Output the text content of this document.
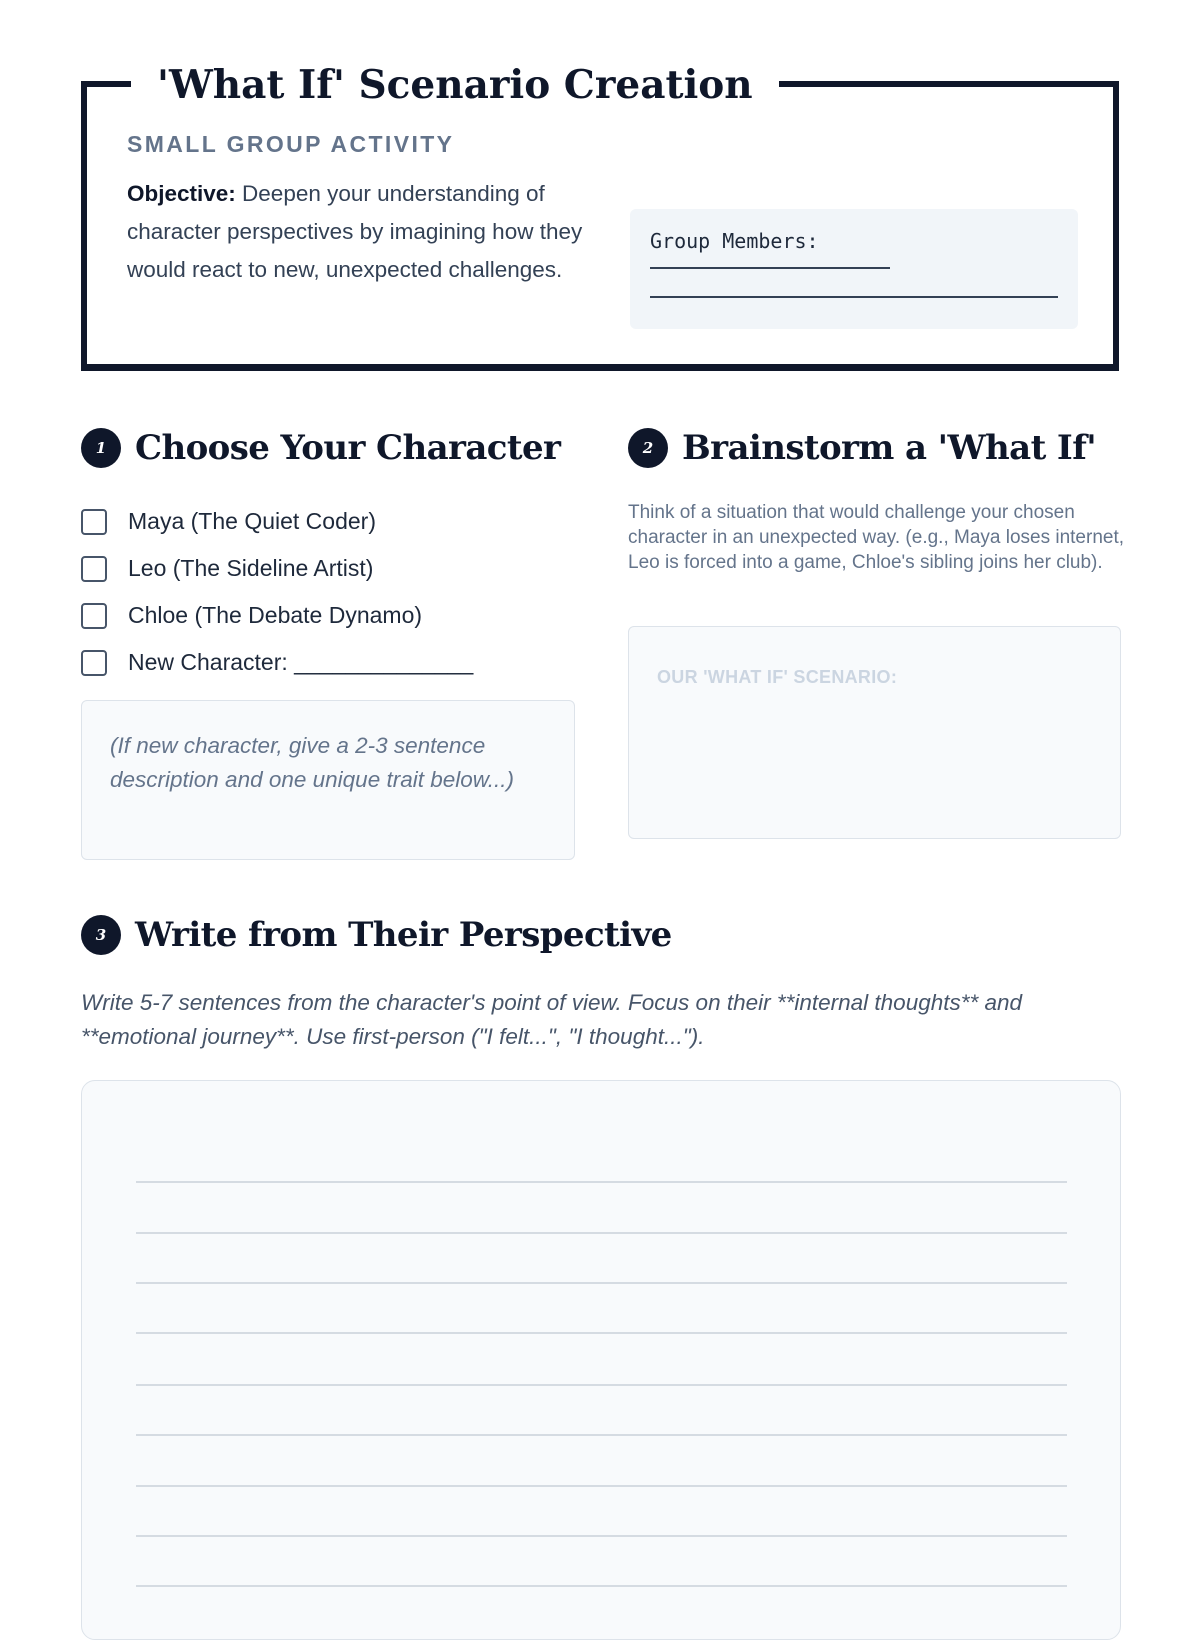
'What If' Scenario Creation
SMALL GROUP ACTIVITY
Objective: Deepen your understanding of character perspectives by imagining how they would react to new, unexpected challenges.
Group Members:
1 Choose Your Character
Maya (The Quiet Coder)
Leo (The Sideline Artist)
Chloe (The Debate Dynamo)
New Character: ______________
(If new character, give a 2-3 sentence description and one unique trait below...)
2 Brainstorm a 'What If'
Think of a situation that would challenge your chosen character in an unexpected way. (e.g., Maya loses internet, Leo is forced into a game, Chloe's sibling joins her club).
OUR 'WHAT IF' SCENARIO:
3 Write from Their Perspective
Write 5-7 sentences from the character's point of view. Focus on their **internal thoughts** and **emotional journey**. Use first-person ("I felt...", "I thought...").
